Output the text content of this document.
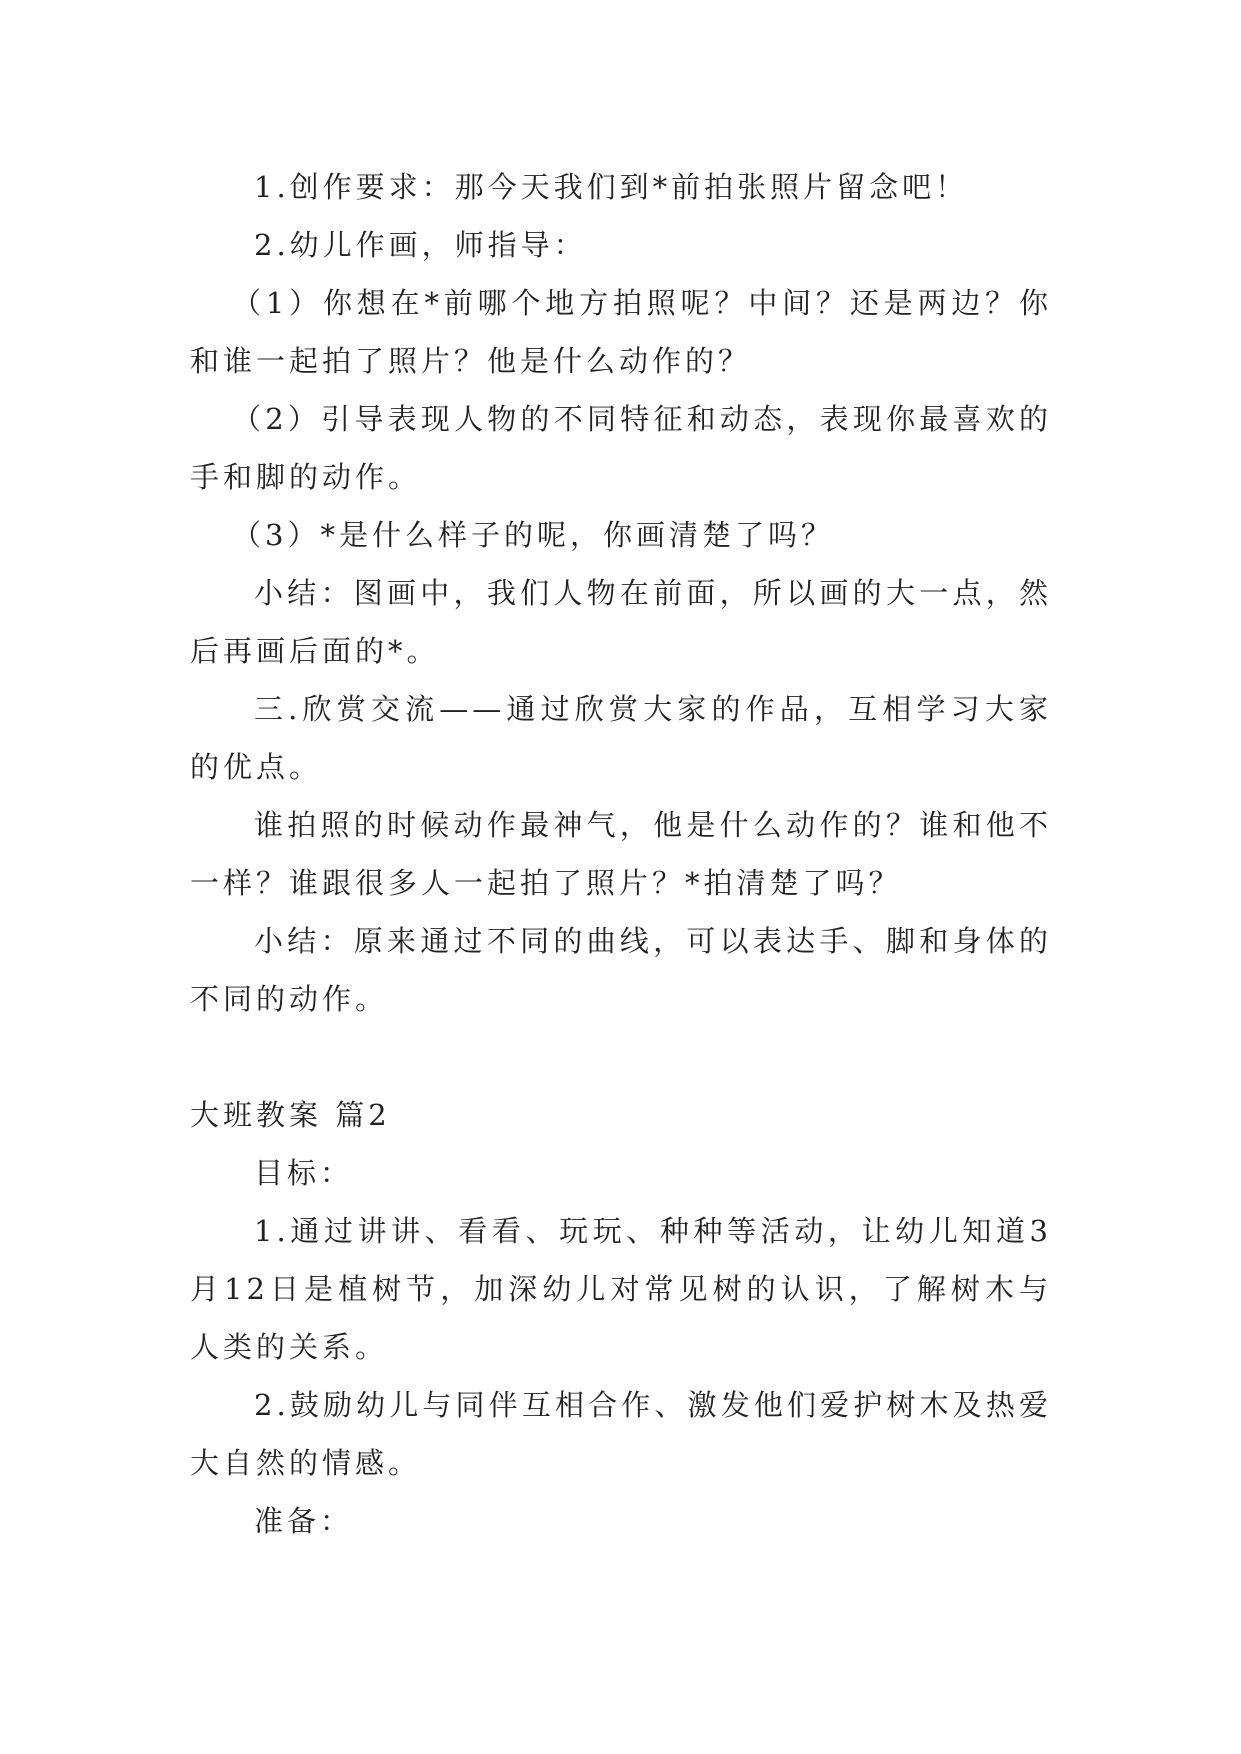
1.创作要求：那今天我们到*前拍张照片留念吧！

2.幼儿作画，师指导：

（1）你想在*前哪个地方拍照呢？中间？还是两边？你和谁一起拍了照片？他是什么动作的？

（2）引导表现人物的不同特征和动态，表现你最喜欢的手和脚的动作。

（3）*是什么样子的呢，你画清楚了吗？

小结：图画中，我们人物在前面，所以画的大一点，然后再画后面的*。

三.欣赏交流——通过欣赏大家的作品，互相学习大家的优点。

谁拍照的时候动作最神气，他是什么动作的？谁和他不一样？谁跟很多人一起拍了照片？*拍清楚了吗？

小结：原来通过不同的曲线，可以表达手、脚和身体的不同的动作。

大班教案 篇2

目标：

1.通过讲讲、看看、玩玩、种种等活动，让幼儿知道3月12日是植树节，加深幼儿对常见树的认识，了解树木与人类的关系。

2.鼓励幼儿与同伴互相合作、激发他们爱护树木及热爱大自然的情感。

准备：
